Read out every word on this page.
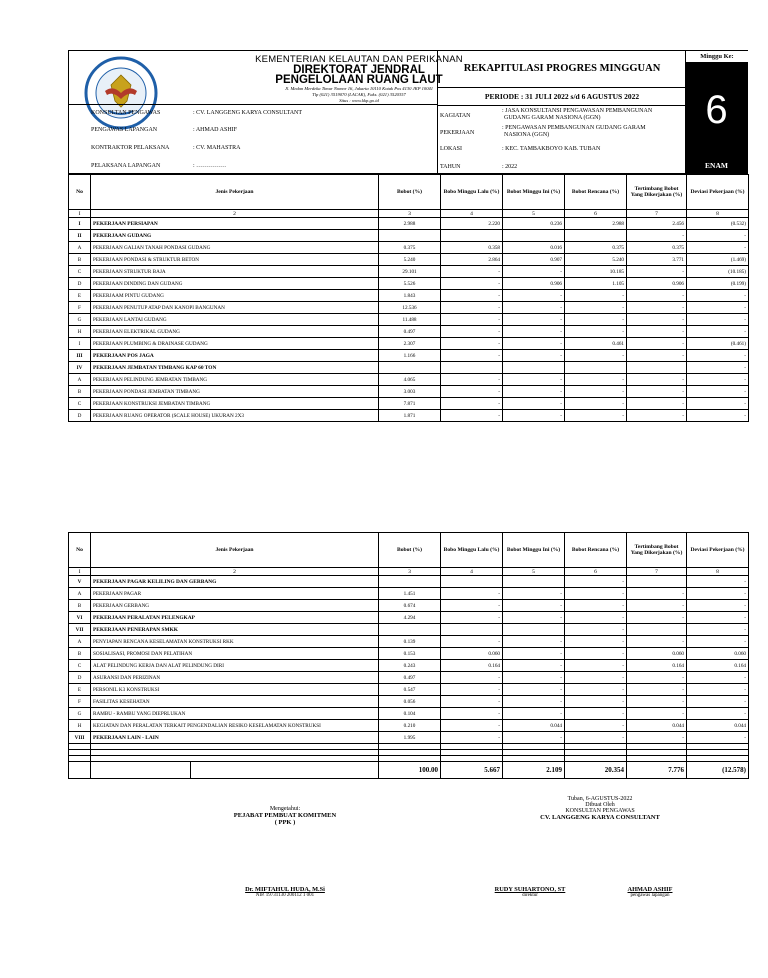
KEMENTERIAN KELAUTAN DAN PERIKANAN
DIREKTORAT JENDRAL
PENGELOLAAN RUANG LAUT
Jl. Medan Merdeka Timur Nomor 16, Jakarta 10110 Kotak Pos 4130 JKP 10041
Tlp (021) 3519070 (LACAK), Faks. (021) 3520357
Situs : www.kkp.go.id
REKAPITULASI PROGRES MINGGUAN
PERIODE : 31 JULI 2022 s/d 6 AGUSTUS 2022
Minggu Ke:
6
ENAM
KONSULTAN PENGAWAS	: CV. LANGGENG KARYA CONSULTANT
PENGAWAS LAPANGAN	: AHMAD ASHIF
KONTRAKTOR PELAKSANA	: CV. MAHASTRA
PELAKSANA LAPANGAN	: ……………
KAGIATAN
: JASA KONSULTANSI PENGAWASAN PEMBANGUNAN
GUDANG GARAM NASIONA (GGN)
PEKERJAAN
: PENGAWASAN PEMBANGUNAN GUDANG GARAM
NASIONA (GGN)
LOKASI	: KEC. TAMBAKBOYO KAB. TUBAN
TAHUN	: 2022
No	Jenis Pekerjaan	Bobot (%)	Bobo Minggu Lalu (%)	Bobot Minggu Ini (%)	Bobot Rencana (%)	Tertimbang Bobot Yang Dikerjakan (%)	Deviasi Pekerjaan (%)
I	2	3	4	5	6	7	8
I	PEKERJAAN PERSIAPAN	2.988	2.220	0.236	2.988	2.456	(0.532)
II	PEKERJAAN GUDANG					-	-
A	PEKERJAAN GALIAN TANAH PONDASI GUDANG	0.375	0.358	0.016	0.375	0.375	-
B	PEKERJAAN PONDASI & STRUKTUR BETON	5.240	2.864	0.907	5.240	3.771	(1.469)
C	PEKERJAAN STRUKTUR BAJA	29.101	-	-	10.185	-	(10.185)
D	PEKERJAAN DINDING DAN GUDANG	5.526	-	0.906	1.105	0.906	(0.199)
E	PEKERJAAM PINTU GUDANG	1.843	-	-	-	-	-
F	PEKERJAAN PENUTUP ATAP DAN KANOPI BANGUNAN	12.536	-	-	-	-	-
G	PEKERJAAN LANTAI GUDANG	11.488	-	-	-	-	-
H	PEKERJAAN ELEKTRIKAL GUDANG	0.497	-	-	-	-	-
I	PEKERJAAN PLUMBING & DRAINASE GUDANG	2.307	-	-	0.461	-	(0.461)
III	PEKERJAAN POS JAGA	1.166	-	-	-	-	-
IV	PEKERJAAN JEMBATAN TIMBANG KAP 60 TON						-
A	PEKERJAAN PELINDUNG JEMBATAN TIMBANG	4.065	-	-	-	-	-
B	PEKERJAAN PONDASI JEMBATAN TIMBANG	3.003	-	-	-	-	-
C	PEKERJAAN KONSTRUKSI JEMBATAN TIMBANG	7.871	-	-	-	-	-
D	PEKERJAAN RUANG OPERATOR (SCALE HOUSE) UKURAN 2X3	1.871	-	-	-	-	-
No	Jenis Pekerjaan		Bobot (%)	Bobo Minggu Lalu (%)	Bobot Minggu Ini (%)	Bobot Rencana (%)	Tertimbang Bobot Yang Dikerjakan (%)	Deviasi Pekerjaan (%)
I	2		3	4	5	6	7	8
V	PEKERJAAN PAGAR KELILING DAN GERBANG					-		-
A	PEKERJAAN PAGAR		1.451	-	-	-	-	-
B	PEKERJAAN GERBANG		0.674	-	-	-	-	-
VI	PEKERJAAN PERALATAN PELENGKAP		4.294	-	-	-	-	-
VII	PEKERJAAN PENERAPAN SMKK					-		-
A	PENYIAPAN RENCANA KESELAMATAN KONSTRUKSI RKK		0.139	-	-	-	-	-
B	SOSIALISASI, PROMOSI DAN PELATIHAN		0.153	0.060	-	-	0.060	0.060
C	ALAT PELINDUNG KERJA DAN ALAT PELINDUNG DIRI		0.243	0.164	-	-	0.164	0.164
D	ASURANSI DAN PERIZINAN		0.497	-	-	-	-	-
E	PERSONIL K3 KONSTRUKSI		0.547	-	-	-	-	-
F	FASILITAS KESEHATAN		0.056	-	-	-	-	-
G	RAMBU - RAMBU YANG DIEPRLUKAN		0.104	-	-	-	-	-
H	KEGIATAN DAN PERALATAN TERKAIT PENGENDALIAN RESIKO KESELAMATAN KONSTRUKSI		0.210	-	0.044	-	0.044	0.044
VIII	PEKERJAAN LAIN - LAIN		1.995	-	-	-	-	-

			100.00	5.667	2.109	20.354	7.776	(12.578)
Mengetahui:
PEJABAT PEMBUAT KOMITMEN
( PPK )
Tuban, 6-AGUSTUS-2022
Dibuat Oleh
KONSULTAN PENGAWAS
CV. LANGGENG KARYA CONSULTANT
Dr. MIFTAHUL HUDA, M.Si
NIP. 19731130 200112 1 001
RUDY SUHARTONO, ST
direktur
AHMAD ASHIF
pengawas lapangan
